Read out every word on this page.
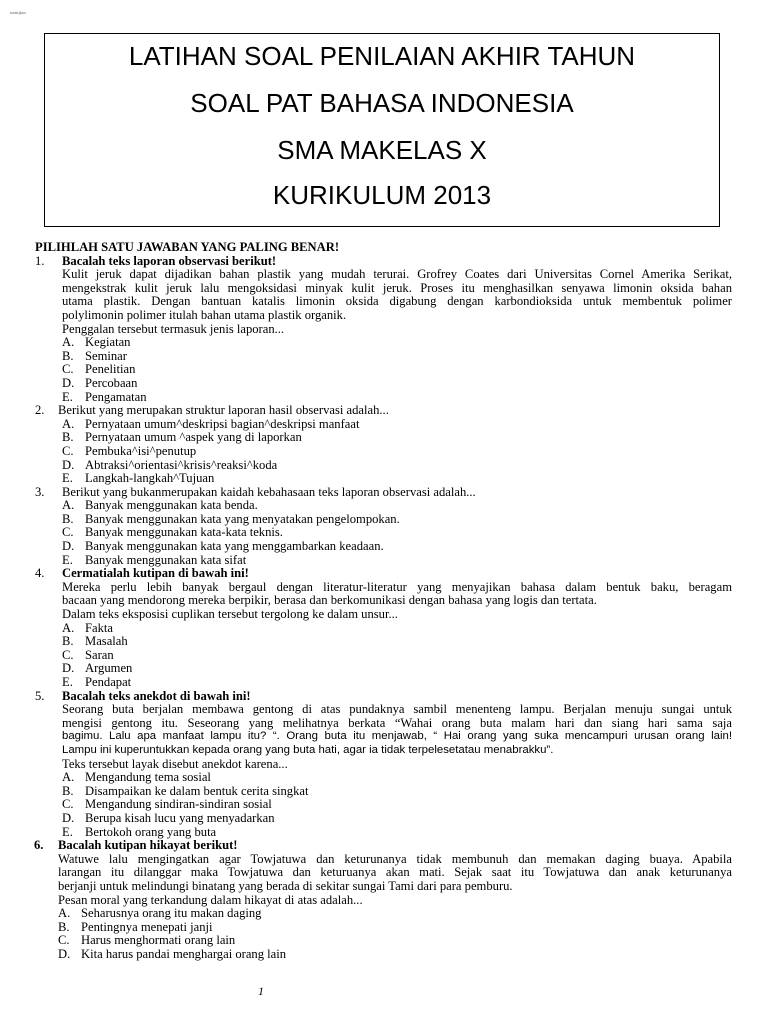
soalujian
LATIHAN SOAL PENILAIAN AKHIR TAHUN
SOAL PAT BAHASA INDONESIA
SMA MAKELAS X
KURIKULUM 2013
PILIHLAH SATU JAWABAN YANG PALING BENAR!
1. Bacalah teks laporan observasi berikut!
Kulit jeruk dapat dijadikan bahan plastik yang mudah terurai. Grofrey Coates dari Universitas Cornel Amerika Serikat,
mengekstrak kulit jeruk lalu mengoksidasi minyak kulit jeruk. Proses itu menghasilkan senyawa limonin oksida bahan
utama plastik. Dengan bantuan katalis limonin oksida digabung dengan karbondioksida untuk membentuk polimer
polylimonin polimer itulah bahan utama plastik organik.
Penggalan tersebut termasuk jenis laporan...
A. Kegiatan
B. Seminar
C. Penelitian
D. Percobaan
E. Pengamatan
2. Berikut yang merupakan struktur laporan hasil observasi adalah...
A. Pernyataan umum^deskripsi bagian^deskripsi manfaat
B. Pernyataan umum ^aspek yang di laporkan
C. Pembuka^isi^penutup
D. Abtraksi^orientasi^krisis^reaksi^koda
E. Langkah-langkah^Tujuan
3. Berikut yang bukanmerupakan kaidah kebahasaan teks laporan observasi adalah...
A. Banyak menggunakan kata benda.
B. Banyak menggunakan kata yang menyatakan pengelompokan.
C. Banyak menggunakan kata-kata teknis.
D. Banyak menggunakan kata yang menggambarkan keadaan.
E. Banyak menggunakan kata sifat
4. Cermatialah kutipan di bawah ini!
Mereka perlu lebih banyak bergaul dengan literatur-literatur yang menyajikan bahasa dalam bentuk baku, beragam
bacaan yang mendorong mereka berpikir, berasa dan berkomunikasi dengan bahasa yang logis dan tertata.
Dalam teks eksposisi cuplikan tersebut tergolong ke dalam unsur...
A. Fakta
B. Masalah
C. Saran
D. Argumen
E. Pendapat
5. Bacalah teks anekdot di bawah ini!
Seorang buta berjalan membawa gentong di atas pundaknya sambil menenteng lampu. Berjalan menuju sungai untuk
mengisi gentong itu. Seseorang yang melihatnya berkata “Wahai orang buta malam hari dan siang hari sama saja
bagimu. Lalu apa manfaat lampu itu? “. Orang buta itu menjawab, “ Hai orang yang suka mencampuri urusan orang lain!
Lampu ini kuperuntukkan kepada orang yang buta hati, agar ia tidak terpelesetatau menabrakku”.
Teks tersebut layak disebut anekdot karena...
A. Mengandung tema sosial
B. Disampaikan ke dalam bentuk cerita singkat
C. Mengandung sindiran-sindiran sosial
D. Berupa kisah lucu yang menyadarkan
E. Bertokoh orang yang buta
6. Bacalah kutipan hikayat berikut!
Watuwe lalu mengingatkan agar Towjatuwa dan keturunanya tidak membunuh dan memakan daging buaya. Apabila
larangan itu dilanggar maka Towjatuwa dan keturuanya akan mati. Sejak saat itu Towjatuwa dan anak keturunanya
berjanji untuk melindungi binatang yang berada di sekitar sungai Tami dari para pemburu.
Pesan moral yang terkandung dalam hikayat di atas adalah...
A. Seharusnya orang itu makan daging
B. Pentingnya menepati janji
C. Harus menghormati orang lain
D. Kita harus pandai menghargai orang lain
1
